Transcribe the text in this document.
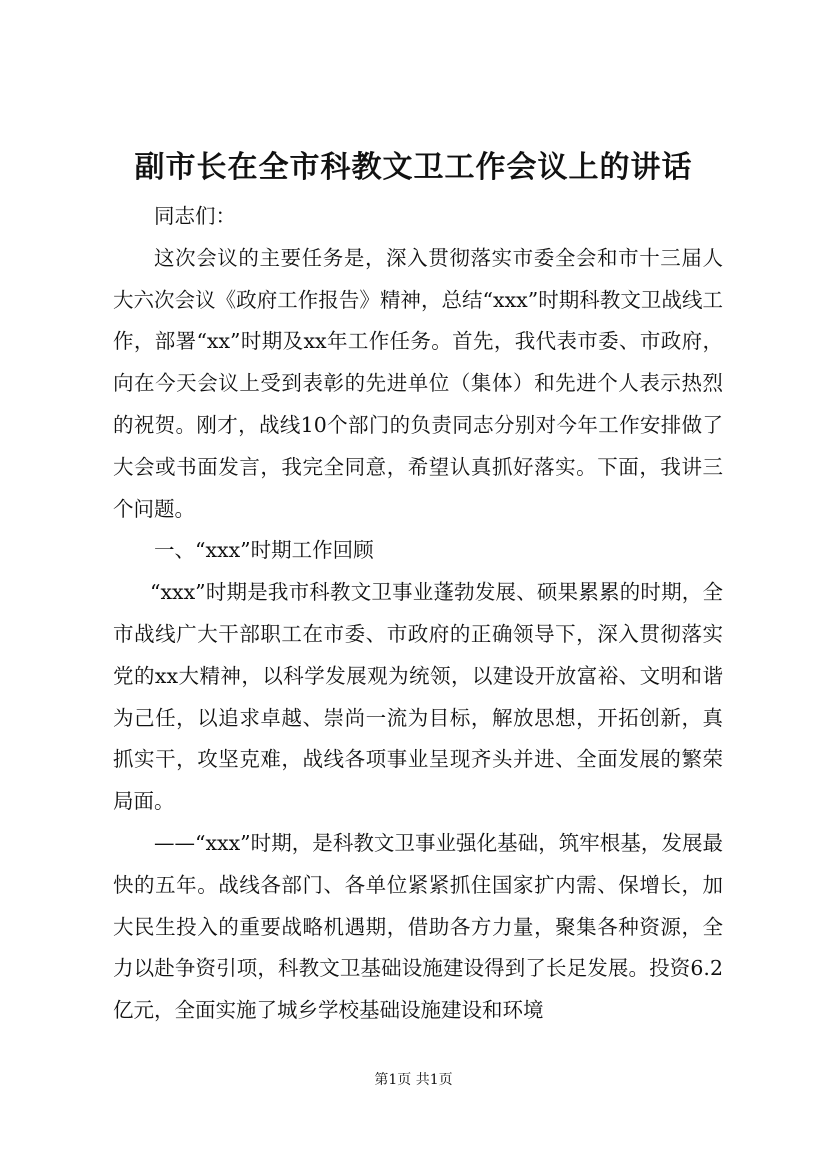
副市长在全市科教文卫工作会议上的讲话

同志们：

这次会议的主要任务是，深入贯彻落实市委全会和市十三届人大六次会议《政府工作报告》精神，总结“xxx”时期科教文卫战线工作，部署“xx”时期及xx年工作任务。首先，我代表市委、市政府，向在今天会议上受到表彰的先进单位（集体）和先进个人表示热烈的祝贺。刚才，战线10个部门的负责同志分别对今年工作安排做了大会或书面发言，我完全同意，希望认真抓好落实。下面，我讲三个问题。

一、“xxx”时期工作回顾

“xxx”时期是我市科教文卫事业蓬勃发展、硕果累累的时期，全市战线广大干部职工在市委、市政府的正确领导下，深入贯彻落实党的xx大精神，以科学发展观为统领，以建设开放富裕、文明和谐为己任，以追求卓越、崇尚一流为目标，解放思想，开拓创新，真抓实干，攻坚克难，战线各项事业呈现齐头并进、全面发展的繁荣局面。

——“xxx”时期，是科教文卫事业强化基础，筑牢根基，发展最快的五年。战线各部门、各单位紧紧抓住国家扩内需、保增长，加大民生投入的重要战略机遇期，借助各方力量，聚集各种资源，全力以赴争资引项，科教文卫基础设施建设得到了长足发展。投资6.2亿元，全面实施了城乡学校基础设施建设和环境

第1页 共1页
